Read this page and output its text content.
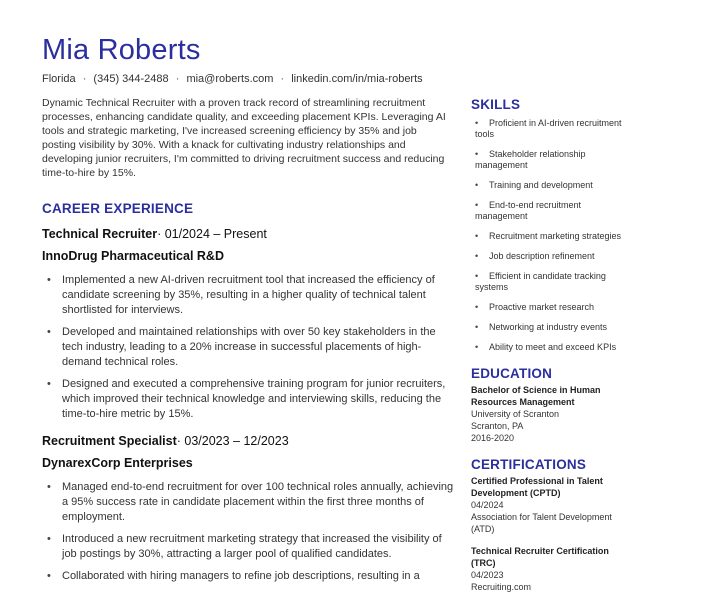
Mia Roberts
Florida · (345) 344-2488 · mia@roberts.com · linkedin.com/in/mia-roberts

Dynamic Technical Recruiter with a proven track record of streamlining recruitment processes, enhancing candidate quality, and exceeding placement KPIs. Leveraging AI tools and strategic marketing, I've increased screening efficiency by 35% and job posting visibility by 30%. With a knack for cultivating industry relationships and developing junior recruiters, I'm committed to driving recruitment success and reducing time-to-hire by 15%.

CAREER EXPERIENCE
Technical Recruiter· 01/2024 – Present
InnoDrug Pharmaceutical R&D
• Implemented a new AI-driven recruitment tool that increased the efficiency of candidate screening by 35%, resulting in a higher quality of technical talent shortlisted for interviews.
• Developed and maintained relationships with over 50 key stakeholders in the tech industry, leading to a 20% increase in successful placements of high-demand technical roles.
• Designed and executed a comprehensive training program for junior recruiters, which improved their technical knowledge and interviewing skills, reducing the time-to-hire metric by 15%.
Recruitment Specialist· 03/2023 – 12/2023
DynarexCorp Enterprises
• Managed end-to-end recruitment for over 100 technical roles annually, achieving a 95% success rate in candidate placement within the first three months of employment.
• Introduced a new recruitment marketing strategy that increased the visibility of job postings by 30%, attracting a larger pool of qualified candidates.
• Collaborated with hiring managers to refine job descriptions, resulting in a
SKILLS
• Proficient in AI-driven recruitment tools
• Stakeholder relationship management
• Training and development
• End-to-end recruitment management
• Recruitment marketing strategies
• Job description refinement
• Efficient in candidate tracking systems
• Proactive market research
• Networking at industry events
• Ability to meet and exceed KPIs
EDUCATION
Bachelor of Science in Human Resources Management
University of Scranton
Scranton, PA
2016-2020
CERTIFICATIONS
Certified Professional in Talent Development (CPTD)
04/2024
Association for Talent Development (ATD)
Technical Recruiter Certification (TRC)
04/2023
Recruiting.com
